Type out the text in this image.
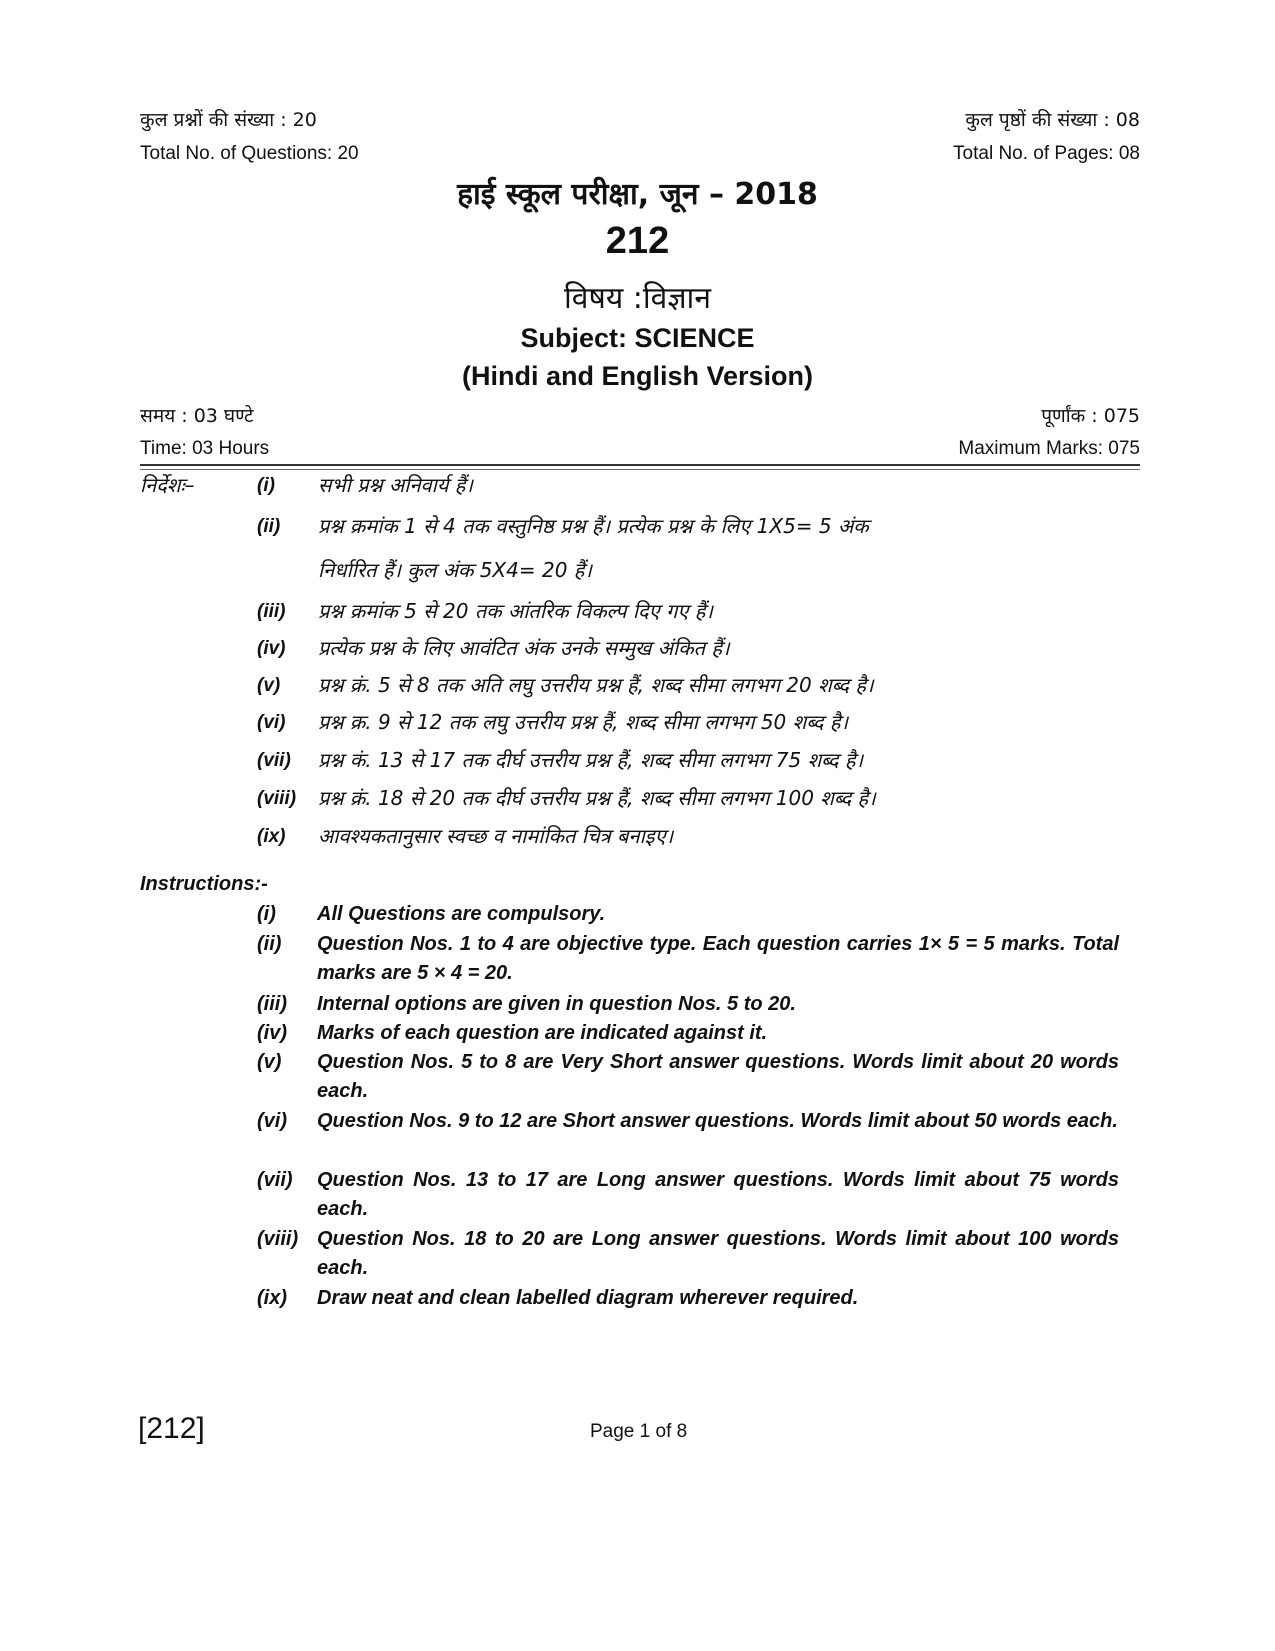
कुल प्रश्नों की संख्या : 20
Total No. of Questions: 20
कुल पृष्ठों की संख्या : 08
Total No. of Pages: 08
हाई स्कूल परीक्षा, जून – 2018
212
विषय :विज्ञान
Subject: SCIENCE
(Hindi and English Version)
समय : 03 घण्टे
Time: 03 Hours
पूर्णांक : 075
Maximum Marks: 075
निर्देशः–	(i) सभी प्रश्न अनिवार्य हैं।
(ii) प्रश्न क्रमांक 1 से 4 तक वस्तुनिष्ठ प्रश्न हैं। प्रत्येक प्रश्न के लिए 1X5= 5 अंक
निर्धारित हैं। कुल अंक 5X4= 20 हैं।
(iii) प्रश्न क्रमांक 5 से 20 तक आंतरिक विकल्प दिए गए हैं।
(iv) प्रत्येक प्रश्न के लिए आवंटित अंक उनके सम्मुख अंकित हैं।
(v) प्रश्न क्रं. 5 से 8 तक अति लघु उत्तरीय प्रश्न हैं, शब्द सीमा लगभग 20 शब्द है।
(vi) प्रश्न क्र. 9 से 12 तक लघु उत्तरीय प्रश्न हैं, शब्द सीमा लगभग 50 शब्द है।
(vii) प्रश्न कं. 13 से 17 तक दीर्घ उत्तरीय प्रश्न हैं, शब्द सीमा लगभग 75 शब्द है।
(viii) प्रश्न क्रं. 18 से 20 तक दीर्घ उत्तरीय प्रश्न हैं, शब्द सीमा लगभग 100 शब्द है।
(ix) आवश्यकतानुसार स्वच्छ व नामांकित चित्र बनाइए।
Instructions:-
(i) All Questions are compulsory.
(ii) Question Nos. 1 to 4 are objective type. Each question carries 1× 5 = 5 marks. Total marks are 5 × 4 = 20.
(iii) Internal options are given in question Nos. 5 to 20.
(iv) Marks of each question are indicated against it.
(v) Question Nos. 5 to 8 are Very Short answer questions. Words limit about 20 words each.
(vi) Question Nos. 9 to 12 are Short answer questions. Words limit about 50 words each.
(vii) Question Nos. 13 to 17 are Long answer questions. Words limit about 75 words each.
(viii) Question Nos. 18 to 20 are Long answer questions. Words limit about 100 words each.
(ix) Draw neat and clean labelled diagram wherever required.
[212]	Page 1 of 8
